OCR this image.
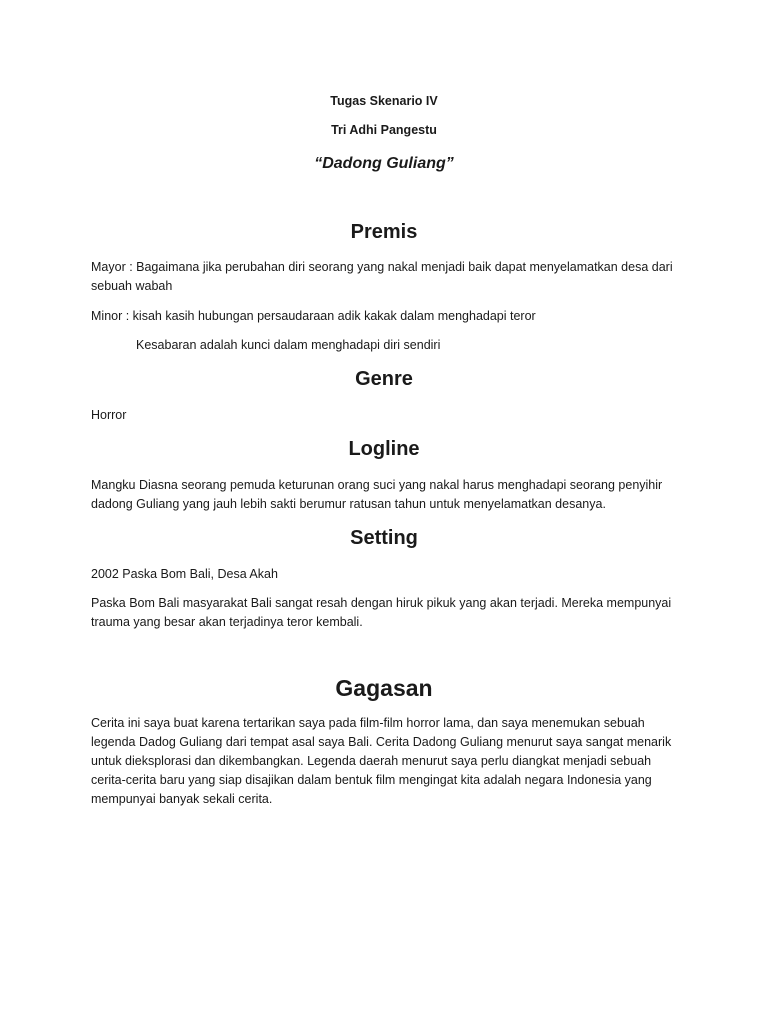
Tugas Skenario IV
Tri Adhi Pangestu
“Dadong Guliang”
Premis
Mayor : Bagaimana jika perubahan diri seorang yang nakal menjadi baik dapat menyelamatkan desa dari
sebuah wabah
Minor : kisah kasih hubungan persaudaraan adik kakak dalam menghadapi teror
Kesabaran adalah kunci dalam menghadapi diri sendiri
Genre
Horror
Logline
Mangku Diasna seorang pemuda keturunan orang suci yang nakal harus menghadapi seorang penyihir
dadong Guliang yang jauh lebih sakti berumur ratusan tahun untuk menyelamatkan desanya.
Setting
2002 Paska Bom Bali, Desa Akah
Paska Bom Bali masyarakat Bali sangat resah dengan hiruk pikuk yang akan terjadi. Mereka mempunyai
trauma yang besar akan terjadinya teror kembali.
Gagasan
Cerita ini saya buat karena tertarikan saya pada film-film horror lama, dan saya menemukan sebuah
legenda Dadog Guliang dari tempat asal saya Bali. Cerita Dadong Guliang menurut saya sangat menarik
untuk dieksplorasi dan dikembangkan. Legenda daerah menurut saya perlu diangkat menjadi sebuah
cerita-cerita baru yang siap disajikan dalam bentuk film mengingat kita adalah negara Indonesia yang
mempunyai banyak sekali cerita.
